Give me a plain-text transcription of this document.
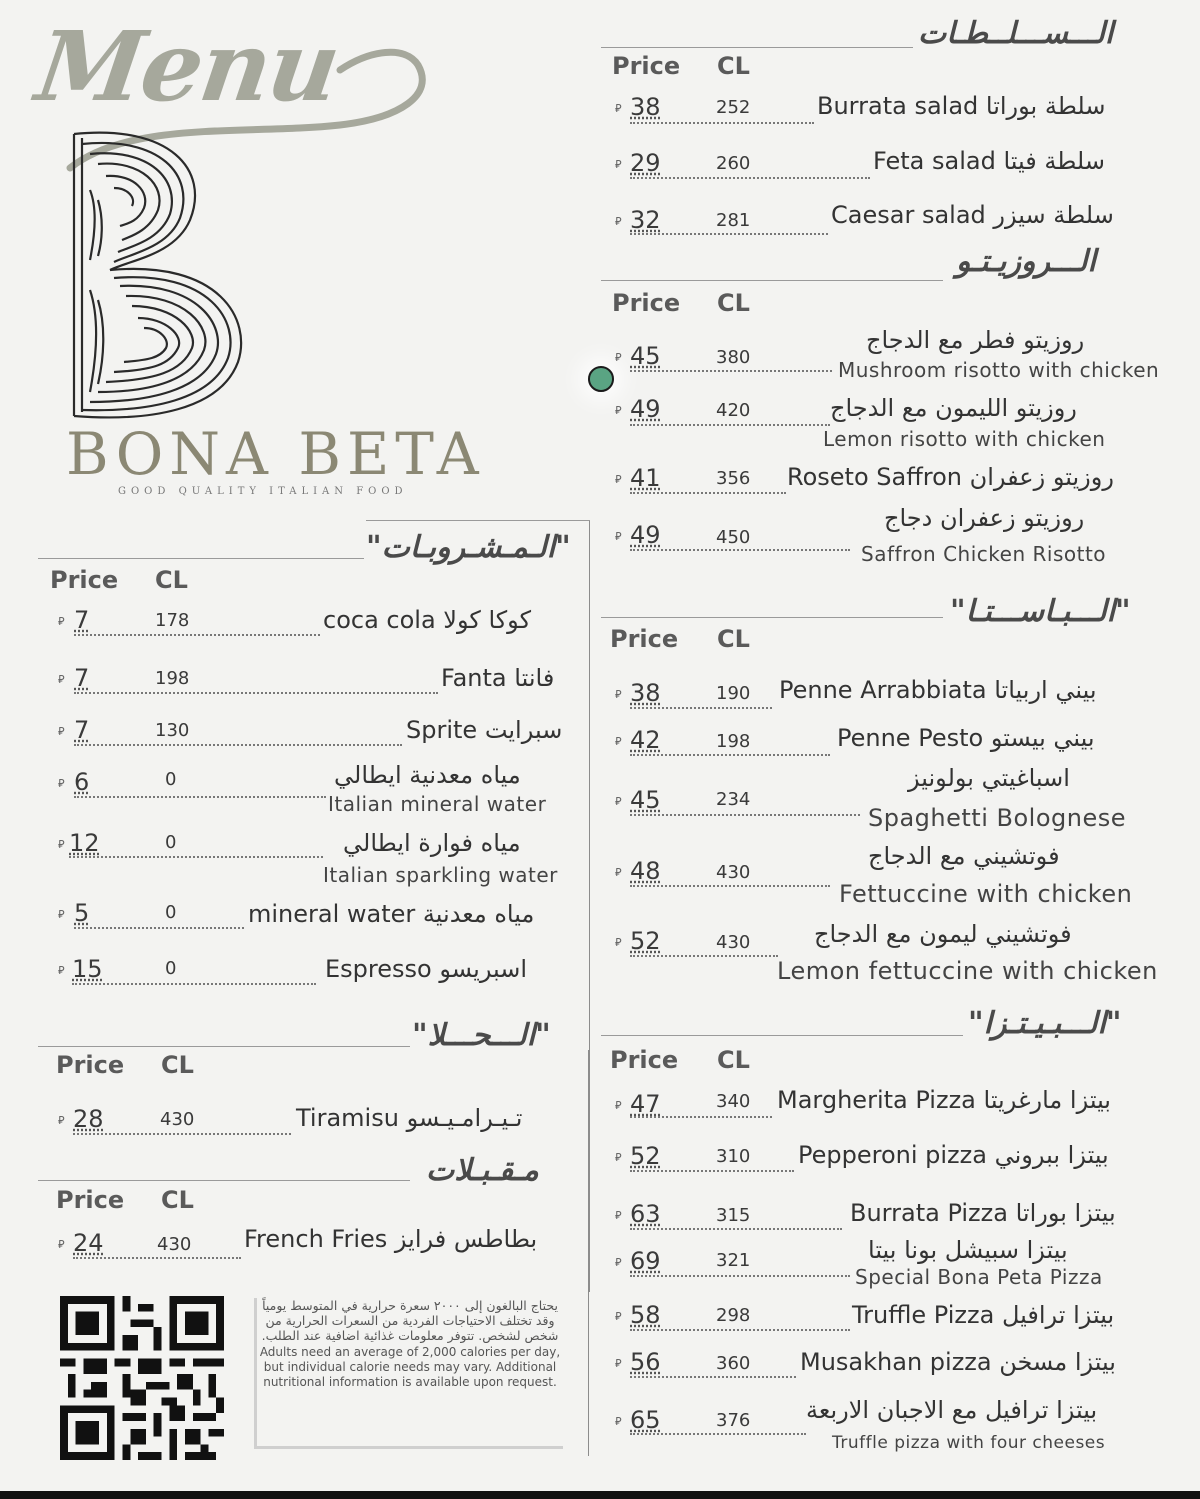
Menu
BONA BETA
GOOD QUALITY ITALIAN FOOD
الـــســـلــطـات
Price CL
⃁ 38	252	Burrata salad سلطة بوراتا
⃁ 29	260	Feta salad سلطة فيتا
⃁ 32	281	Caesar salad سلطة سيزر
الـــروزيـتـو
Price CL
⃁ 45	380
روزيتو فطر مع الدجاج
Mushroom risotto with chicken
⃁ 49	420	روزيتو الليمون مع الدجاج
Lemon risotto with chicken
⃁ 41	356 Roseto Saffron روزيتو زعفران
⃁ 49	450
روزيتو زعفران دجاج
Saffron Chicken Risotto
"الـــبـاســـتـا"
Price CL
⃁ 38	190 Penne Arrabbiata بيني اربياتا
⃁ 42	198	Penne Pesto بيني بيستو
⃁ 45	234
اسباغيتي بولونيز
Spaghetti Bolognese
⃁ 48	430
فوتشيني مع الدجاج
Fettuccine with chicken
⃁ 52	430	فوتشيني ليمون مع الدجاج
Lemon fettuccine with chicken
"الـــبـيـتـزا"
Price CL
⃁ 47	340 Margherita Pizza بيتزا مارغريتا
⃁ 52	310 Pepperoni pizza بيتزا ببروني
⃁ 63	315	Burrata Pizza بيتزا بوراتا
⃁ 69	321	بيتزا سبيشل بونا بيتا
Special Bona Peta Pizza
⃁ 58	298	Truffle Pizza بيتزا ترافيل
⃁ 56	360 Musakhan pizza بيتزا مسخن
⃁ 65	376 بيتزا ترافيل مع الاجبان الاربعة
Truffle pizza with four cheeses
"الـمـشـروبـات"
Price CL
⃁ 7	178	coca cola كوكا كولا
⃁ 7	198	Fanta فانتا
⃁ 7	130	Sprite سبرايت
⃁ 6	0	مياه معدنية ايطالي
Italian mineral water
⃁ 12	0	مياه فوارة ايطالي
Italian sparkling water
⃁ 5	0	mineral water مياه معدنية
⃁ 15	0	Espresso اسبريسو
"الـــحـــلا"
Price CL
⃁ 28	430	Tiramisu تـيـرامـيـسو
مـقـبـلات
Price CL
⃁ 24	430 French Fries بطاطس فرايز
يحتاج البالغون إلى ٢٠٠٠ سعرة حرارية في المتوسط يومياً وقد تختلف الاحتياجات الفردية من السعرات الحرارية من شخص لشخص. تتوفر معلومات غذائية اضافية عند الطلب.
Adults need an average of 2,000 calories per day, but individual calorie needs may vary. Additional nutritional information is available upon request.
